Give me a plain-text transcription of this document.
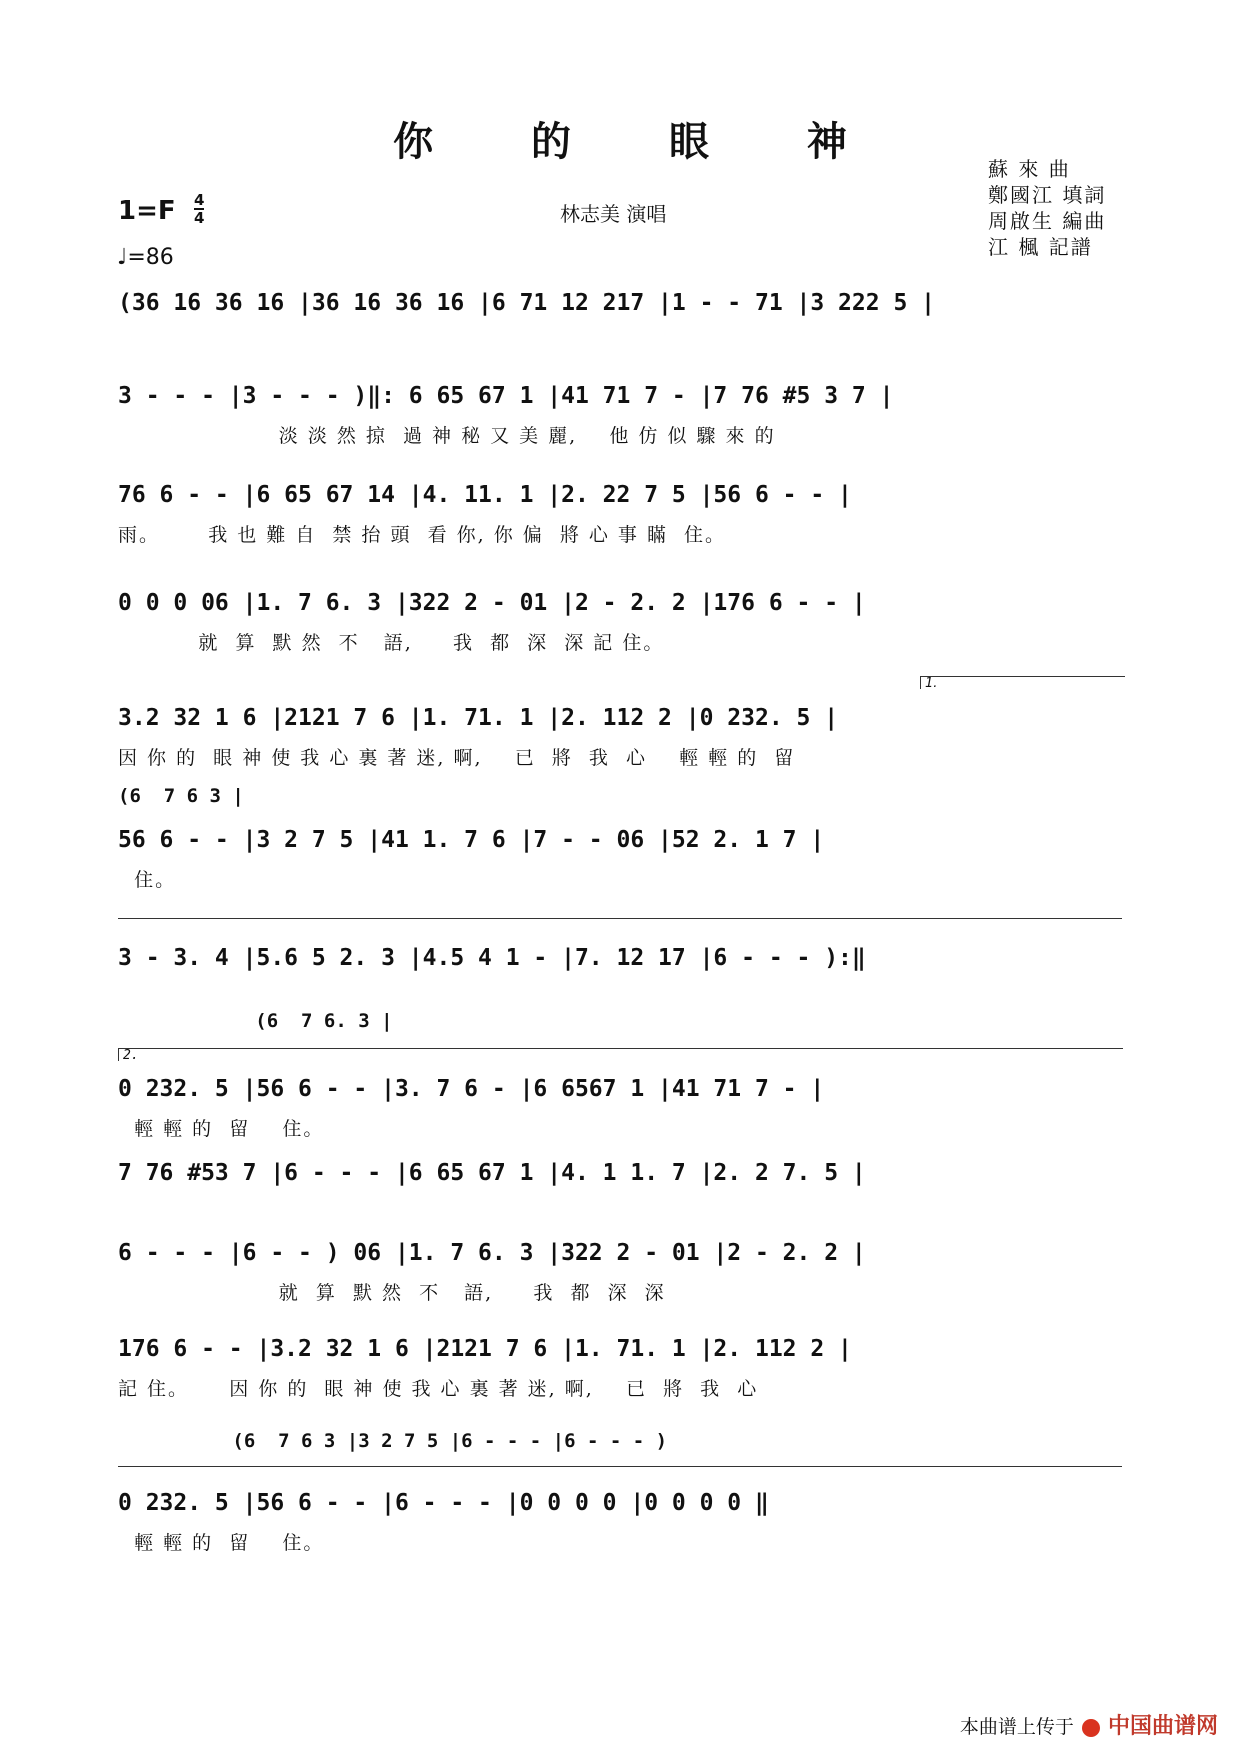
你 的 眼 神
林志美 演唱
1=F 4
4
♩=86
蘇 來 曲
鄭國江 填詞
周啟生 編曲
江 楓 記譜
(36 16 36 16 |36 16 36 16 |6 71 12 217 |1 - - 71 |3 222 5 |
3 - - - |3 - - - )‖: 6 65 67 1 |41 71 7 - |7 76 #5 3 7 |
淡 淡 然 掠  過 神 秘 又 美 麗,    他 仿 似 驟 來 的
76 6 - - |6 65 67 14 |4. 11. 1 |2. 22 7 5 |56 6 - - |
雨。      我 也 難 自  禁 抬 頭  看 你, 你 偏  將 心 事 瞞  住。
0 0 0 06 |1. 7 6. 3 |322 2 - 01 |2 - 2. 2 |176 6 - - |
就  算  默 然  不   語,     我  都  深  深 記 住。
1.
3.2 32 1 6 |2121 7 6 |1. 71. 1 |2. 112 2 |0 232. 5 |
因 你 的  眼 神 使 我 心 裏 著 迷, 啊,    已  將  我  心    輕 輕 的  留
(6  7 6 3 |
56 6 - - |3 2 7 5 |41 1. 7 6 |7 - - 06 |52 2. 1 7 |
住。
3 - 3. 4 |5.6 5 2. 3 |4.5 4 1 - |7. 12 17 |6 - - - ):‖
(6  7 6. 3 |
2.
0 232. 5 |56 6 - - |3. 7 6 - |6 6567 1 |41 71 7 - |
輕 輕 的  留    住。
7 76 #53 7 |6 - - - |6 65 67 1 |4. 1 1. 7 |2. 2 7. 5 |
6 - - - |6 - - ) 06 |1. 7 6. 3 |322 2 - 01 |2 - 2. 2 |
就  算  默 然  不   語,     我  都  深  深
176 6 - - |3.2 32 1 6 |2121 7 6 |1. 71. 1 |2. 112 2 |
記 住。     因 你 的  眼 神 使 我 心 裏 著 迷, 啊,    已  將  我  心
(6  7 6 3 |3 2 7 5 |6 - - - |6 - - - )
0 232. 5 |56 6 - - |6 - - - |0 0 0 0 |0 0 0 0 ‖
輕 輕 的  留    住。
本曲谱上传于 中国曲谱网
